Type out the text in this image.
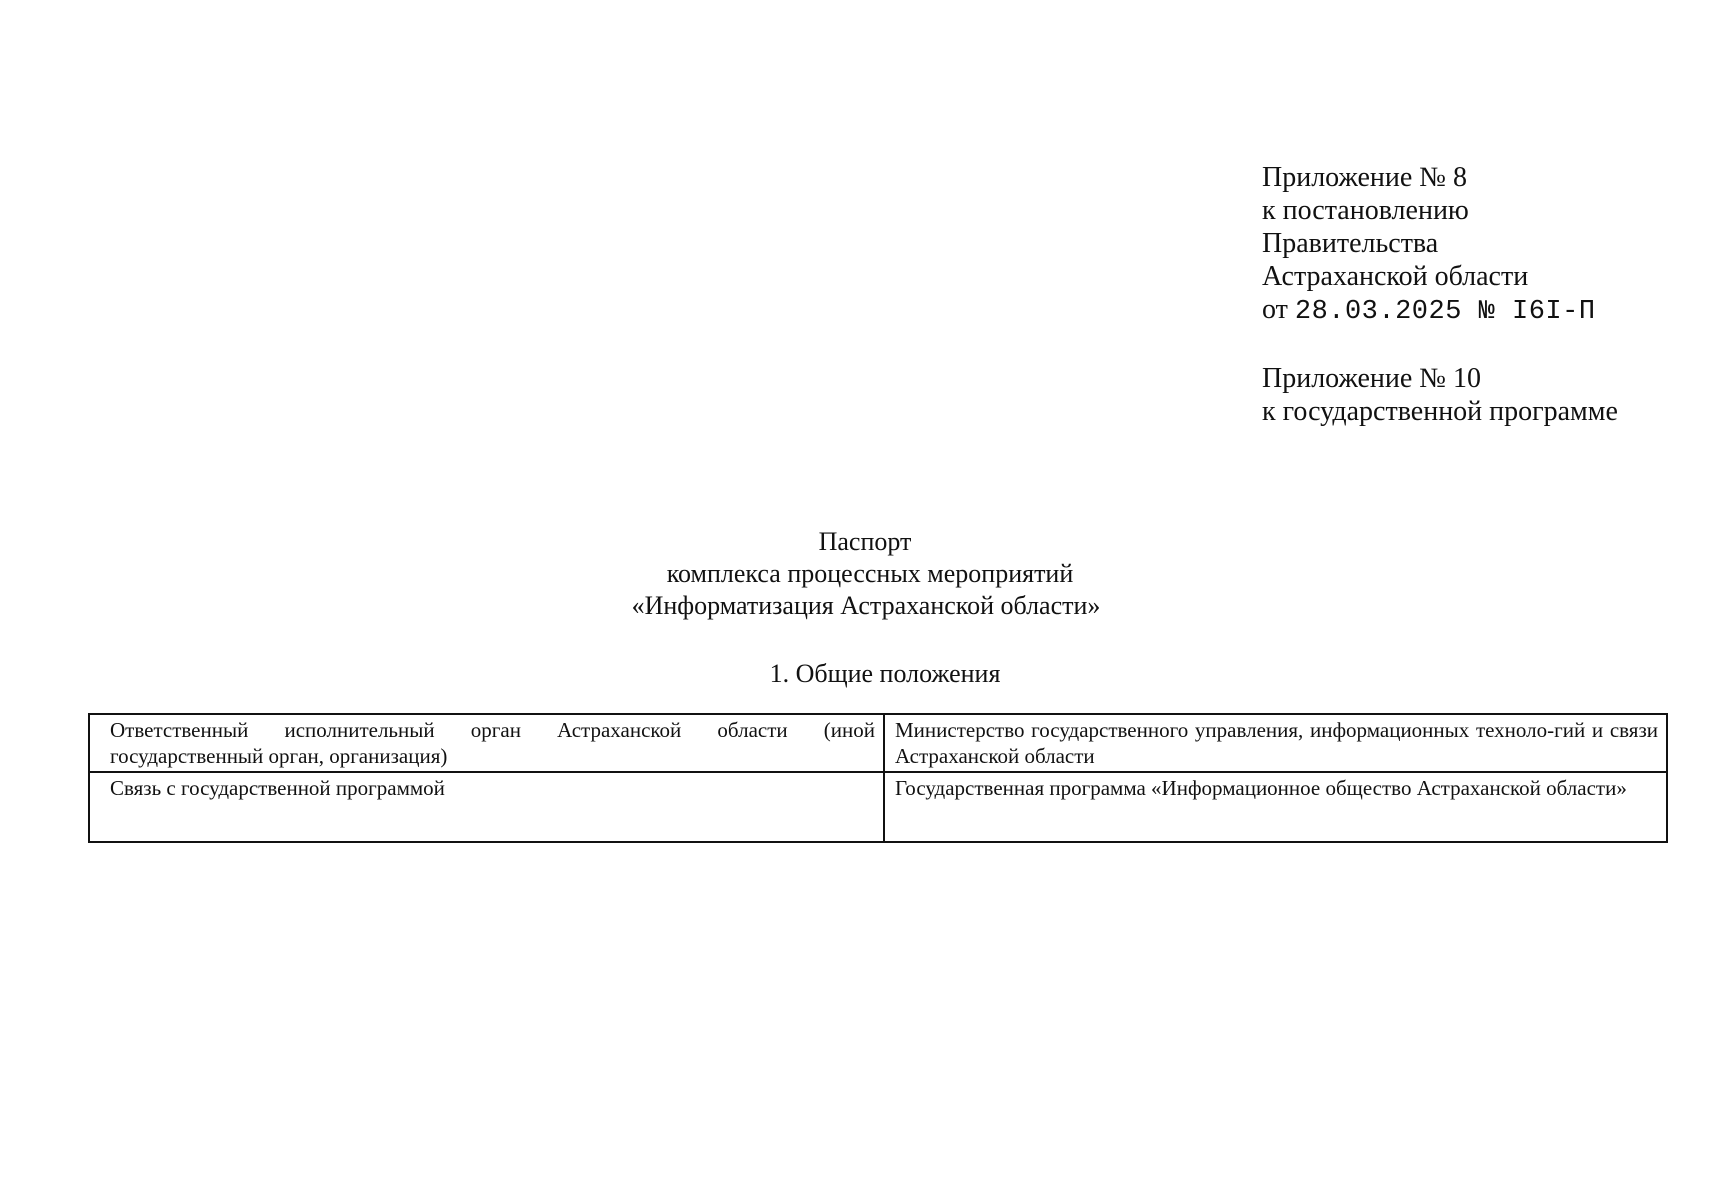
Приложение № 8
к постановлению
Правительства
Астраханской области
от 28.03.2025 № I6I-П
Приложение № 10
к государственной программе
Паспорт
комплекса процессных мероприятий
«Информатизация Астраханской области»
1. Общие положения
Ответственный исполнительный орган Астраханской области (иной государственный орган, организация)	Министерство государственного управления, информационных техноло-гий и связи Астраханской области
Связь с государственной программой	Государственная программа «Информационное общество Астраханской области»
